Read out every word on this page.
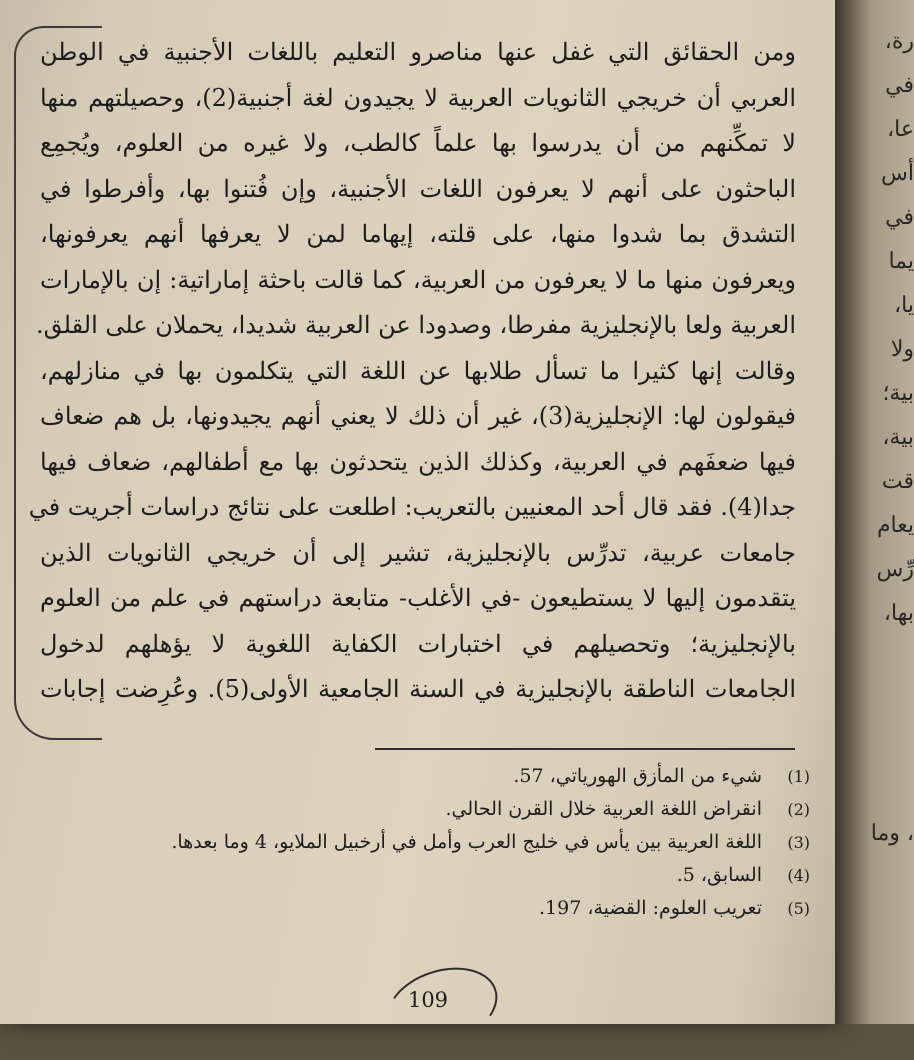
ومن الحقائق التي غفل عنها مناصرو التعليم باللغات الأجنبية في الوطن
العربي أن خريجي الثانويات العربية لا يجيدون لغة أجنبية(2)، وحصيلتهم منها
لا تمكِّنهم من أن يدرسوا بها علماً كالطب، ولا غيره من العلوم، ويُجمِع
الباحثون على أنهم لا يعرفون اللغات الأجنبية، وإن فُتنوا بها، وأفرطوا في
التشدق بما شدوا منها، على قلته، إيهاما لمن لا يعرفها أنهم يعرفونها،
ويعرفون منها ما لا يعرفون من العربية، كما قالت باحثة إماراتية: إن بالإمارات
العربية ولعا بالإنجليزية مفرطا، وصدودا عن العربية شديدا، يحملان على القلق.
وقالت إنها كثيرا ما تسأل طلابها عن اللغة التي يتكلمون بها في منازلهم،
فيقولون لها: الإنجليزية(3)، غير أن ذلك لا يعني أنهم يجيدونها، بل هم ضعاف
فيها ضعفَهم في العربية، وكذلك الذين يتحدثون بها مع أطفالهم، ضعاف فيها
جدا(4). فقد قال أحد المعنيين بالتعريب: اطلعت على نتائج دراسات أجريت في
جامعات عربية، تدرِّس بالإنجليزية، تشير إلى أن خريجي الثانويات الذين
يتقدمون إليها لا يستطيعون -في الأغلب- متابعة دراستهم في علم من العلوم
بالإنجليزية؛ وتحصيلهم في اختبارات الكفاية اللغوية لا يؤهلهم لدخول
الجامعات الناطقة بالإنجليزية في السنة الجامعية الأولى(5). وعُرِضت إجابات
(1)
شيء من المأزق الهورياتي، 57.
(2)
انقراض اللغة العربية خلال القرن الحالي.
(3)
اللغة العربية بين يأس في خليج العرب وأمل في أرخبيل الملايو، 4 وما بعدها.
(4)
السابق، 5.
(5)
تعريب العلوم: القضية، 197.
109
رة،
في
عا،
أس
في
يما
يا،
ولا
بية؛
بية،
قت
يعام
رِّس
بها،
، وما
